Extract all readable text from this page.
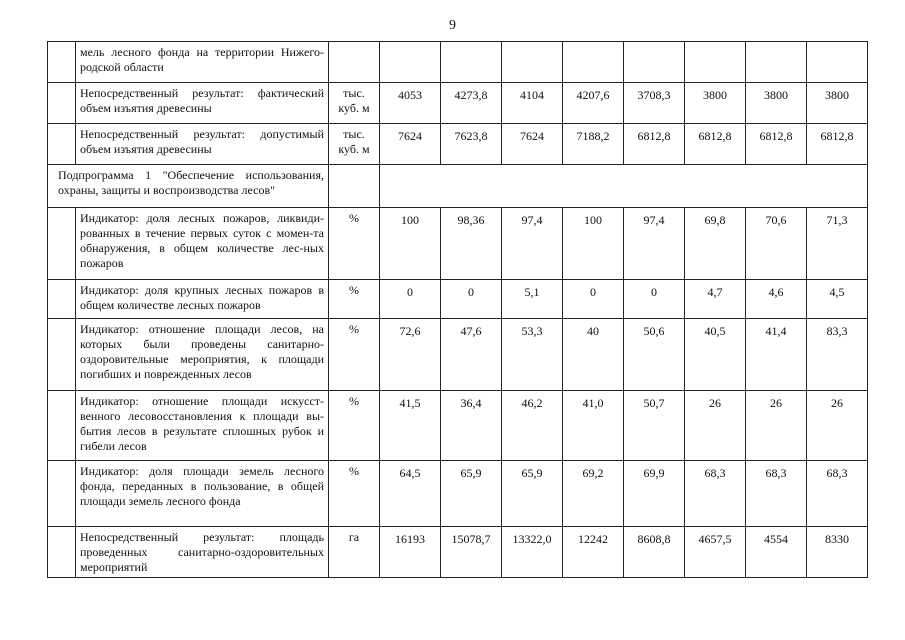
9
	мель лесного фонда на территории Нижего-родской области									
	Непосредственный результат: фактический объем изъятия древесины	тыс. куб. м	4053	4273,8	4104	4207,6	3708,3	3800	3800	3800
	Непосредственный результат: допустимый объем изъятия древесины	тыс. куб. м	7624	7623,8	7624	7188,2	6812,8	6812,8	6812,8	6812,8
Подпрограмма 1 "Обеспечение использования, охраны, защиты и воспроизводства лесов"										
	Индикатор: доля лесных пожаров, ликвиди-рованных в течение первых суток с момен-та обнаружения, в общем количестве лес-ных пожаров	%	100	98,36	97,4	100	97,4	69,8	70,6	71,3
	Индикатор: доля крупных лесных пожаров в общем количестве лесных пожаров	%	0	0	5,1	0	0	4,7	4,6	4,5
	Индикатор: отношение площади лесов, на которых были проведены санитарно-оздоровительные мероприятия, к площади погибших и поврежденных лесов	%	72,6	47,6	53,3	40	50,6	40,5	41,4	83,3
	Индикатор: отношение площади искусст-венного лесовосстановления к площади вы-бытия лесов в результате сплошных рубок и гибели лесов	%	41,5	36,4	46,2	41,0	50,7	26	26	26
	Индикатор: доля площади земель лесного фонда, переданных в пользование, в общей площади земель лесного фонда	%	64,5	65,9	65,9	69,2	69,9	68,3	68,3	68,3
	Непосредственный результат: площадь проведенных санитарно-оздоровительных мероприятий	га	16193	15078,7	13322,0	12242	8608,8	4657,5	4554	8330
